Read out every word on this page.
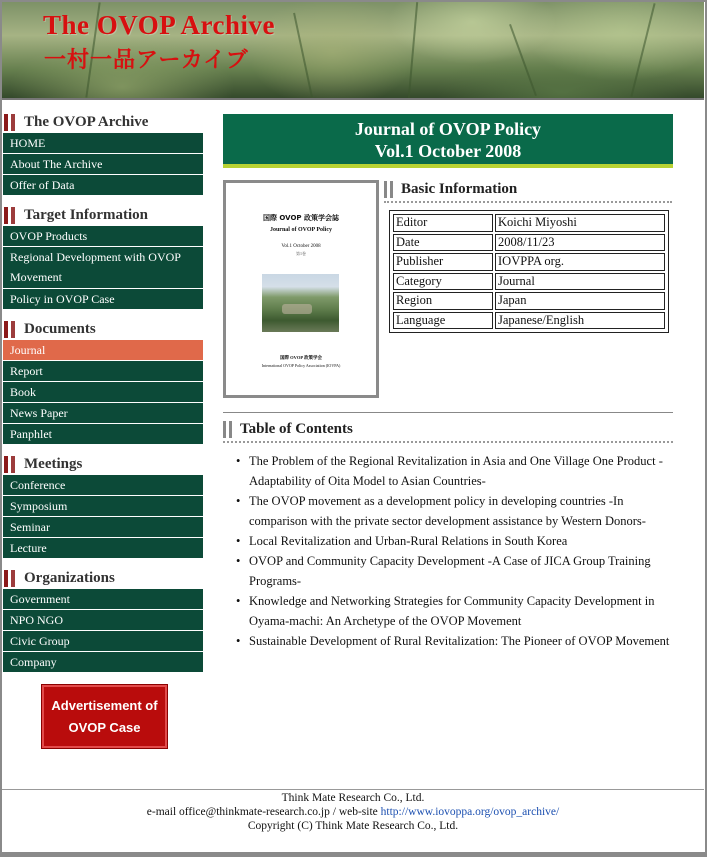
The OVOP Archive
一村一品アーカイブ
The OVOP Archive
HOME
About The Archive
Offer of Data
Target Information
OVOP Products
Regional Development with OVOP Movement
Policy in OVOP Case
Documents
Journal
Report
Book
News Paper
Panphlet
Meetings
Conference
Symposium
Seminar
Lecture
Organizations
Government
NPO NGO
Civic Group
Company
Advertisement of
OVOP Case
Journal of OVOP Policy
Vol.1 October 2008
国際 OVOP 政策学会誌
Journal of OVOP Policy
Vol.1 October 2008
第1巻
国際 OVOP 政策学会
International OVOP Policy Association (IOVPA)
Basic Information
Editor	Koichi Miyoshi
Date	2008/11/23
Publisher	IOVPPA org.
Category	Journal
Region	Japan
Language	Japanese/English
Table of Contents
• The Problem of the Regional Revitalization in Asia and One Village One Product - Adaptability of Oita Model to Asian Countries-
• The OVOP movement as a development policy in developing countries -In comparison with the private sector development assistance by Western Donors-
• Local Revitalization and Urban-Rural Relations in South Korea
• OVOP and Community Capacity Development -A Case of JICA Group Training Programs-
• Knowledge and Networking Strategies for Community Capacity Development in Oyama-machi: An Archetype of the OVOP Movement
• Sustainable Development of Rural Revitalization: The Pioneer of OVOP Movement
Think Mate Research Co., Ltd.
e-mail office@thinkmate-research.co.jp / web-site http://www.iovoppa.org/ovop_archive/
Copyright (C) Think Mate Research Co., Ltd.
